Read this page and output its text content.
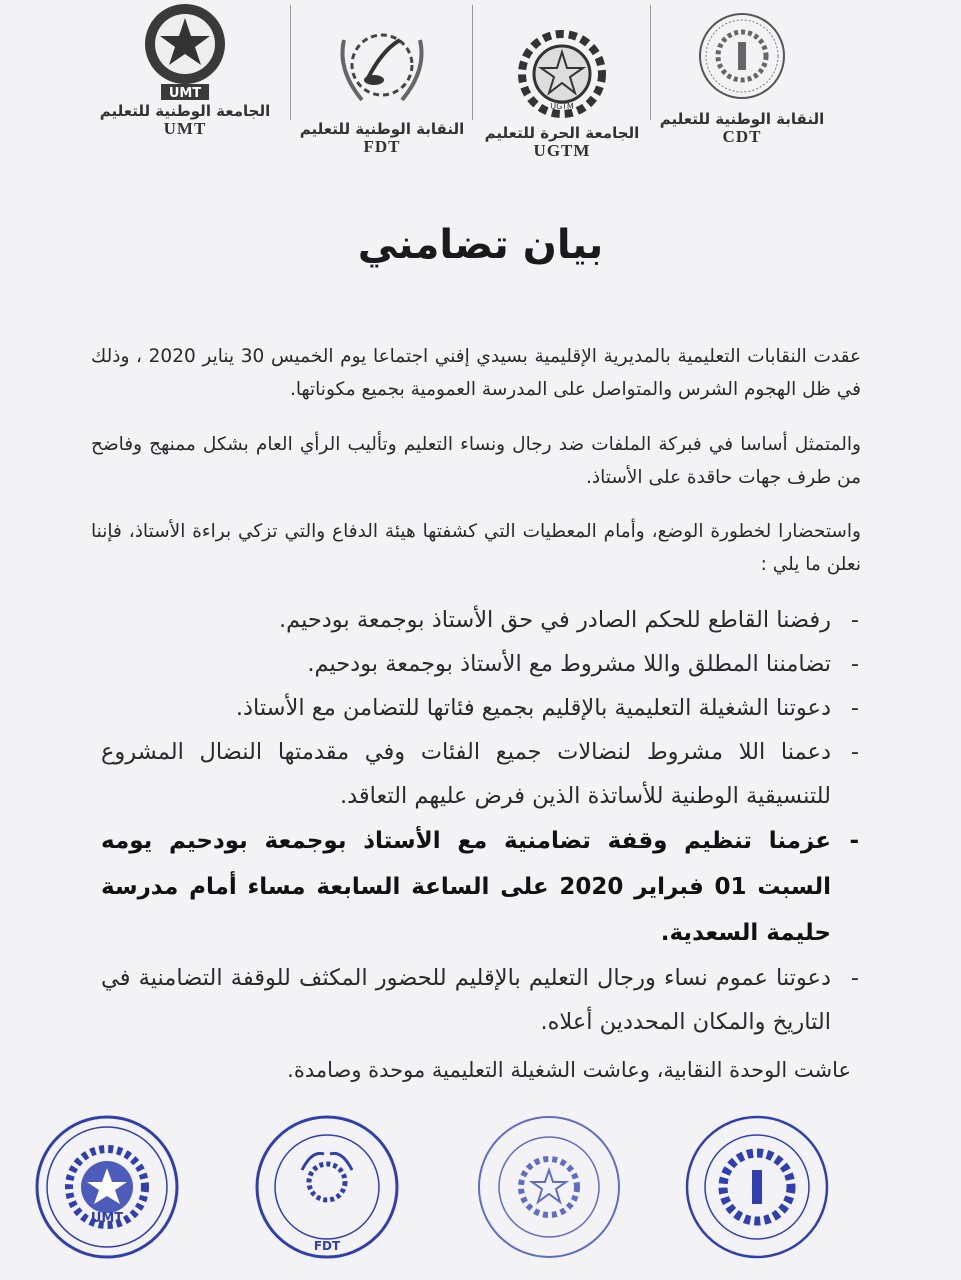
UMT
الجامعة الوطنية للتعليم
UMT	النقابة الوطنية للتعليم
FDT
UGTM
الجامعة الحرة للتعليم
UGTM
النقابة الوطنية للتعليم
CDT
بيان تضامني
عقدت النقابات التعليمية بالمديرية الإقليمية بسيدي إفني اجتماعا يوم الخميس 30 يناير 2020 ، وذلك في ظل الهجوم الشرس والمتواصل على المدرسة العمومية بجميع مكوناتها.
والمتمثل أساسا في فبركة الملفات ضد رجال ونساء التعليم وتأليب الرأي العام بشكل ممنهج وفاضح من طرف جهات حاقدة على الأستاذ.
واستحضارا لخطورة الوضع، وأمام المعطيات التي كشفتها هيئة الدفاع والتي تزكي براءة الأستاذ، فإننا نعلن ما يلي :
-
رفضنا القاطع للحكم الصادر في حق الأستاذ بوجمعة بودحيم.
-
تضامننا المطلق واللا مشروط مع الأستاذ بوجمعة بودحيم.
-
دعوتنا الشغيلة التعليمية بالإقليم بجميع فئاتها للتضامن مع الأستاذ.
-
دعمنا اللا مشروط لنضالات جميع الفئات وفي مقدمتها النضال المشروع للتنسيقية الوطنية للأساتذة الذين فرض عليهم التعاقد.
-
عزمنا تنظيم وقفة تضامنية مع الأستاذ بوجمعة بودحيم يومه السبت 01 فبراير 2020 على الساعة السابعة مساء أمام مدرسة حليمة السعدية.
-
دعوتنا عموم نساء ورجال التعليم بالإقليم للحضور المكثف للوقفة التضامنية في التاريخ والمكان المحددين أعلاه.
عاشت الوحدة النقابية، وعاشت الشغيلة التعليمية موحدة وصامدة.
UMT
FDT
